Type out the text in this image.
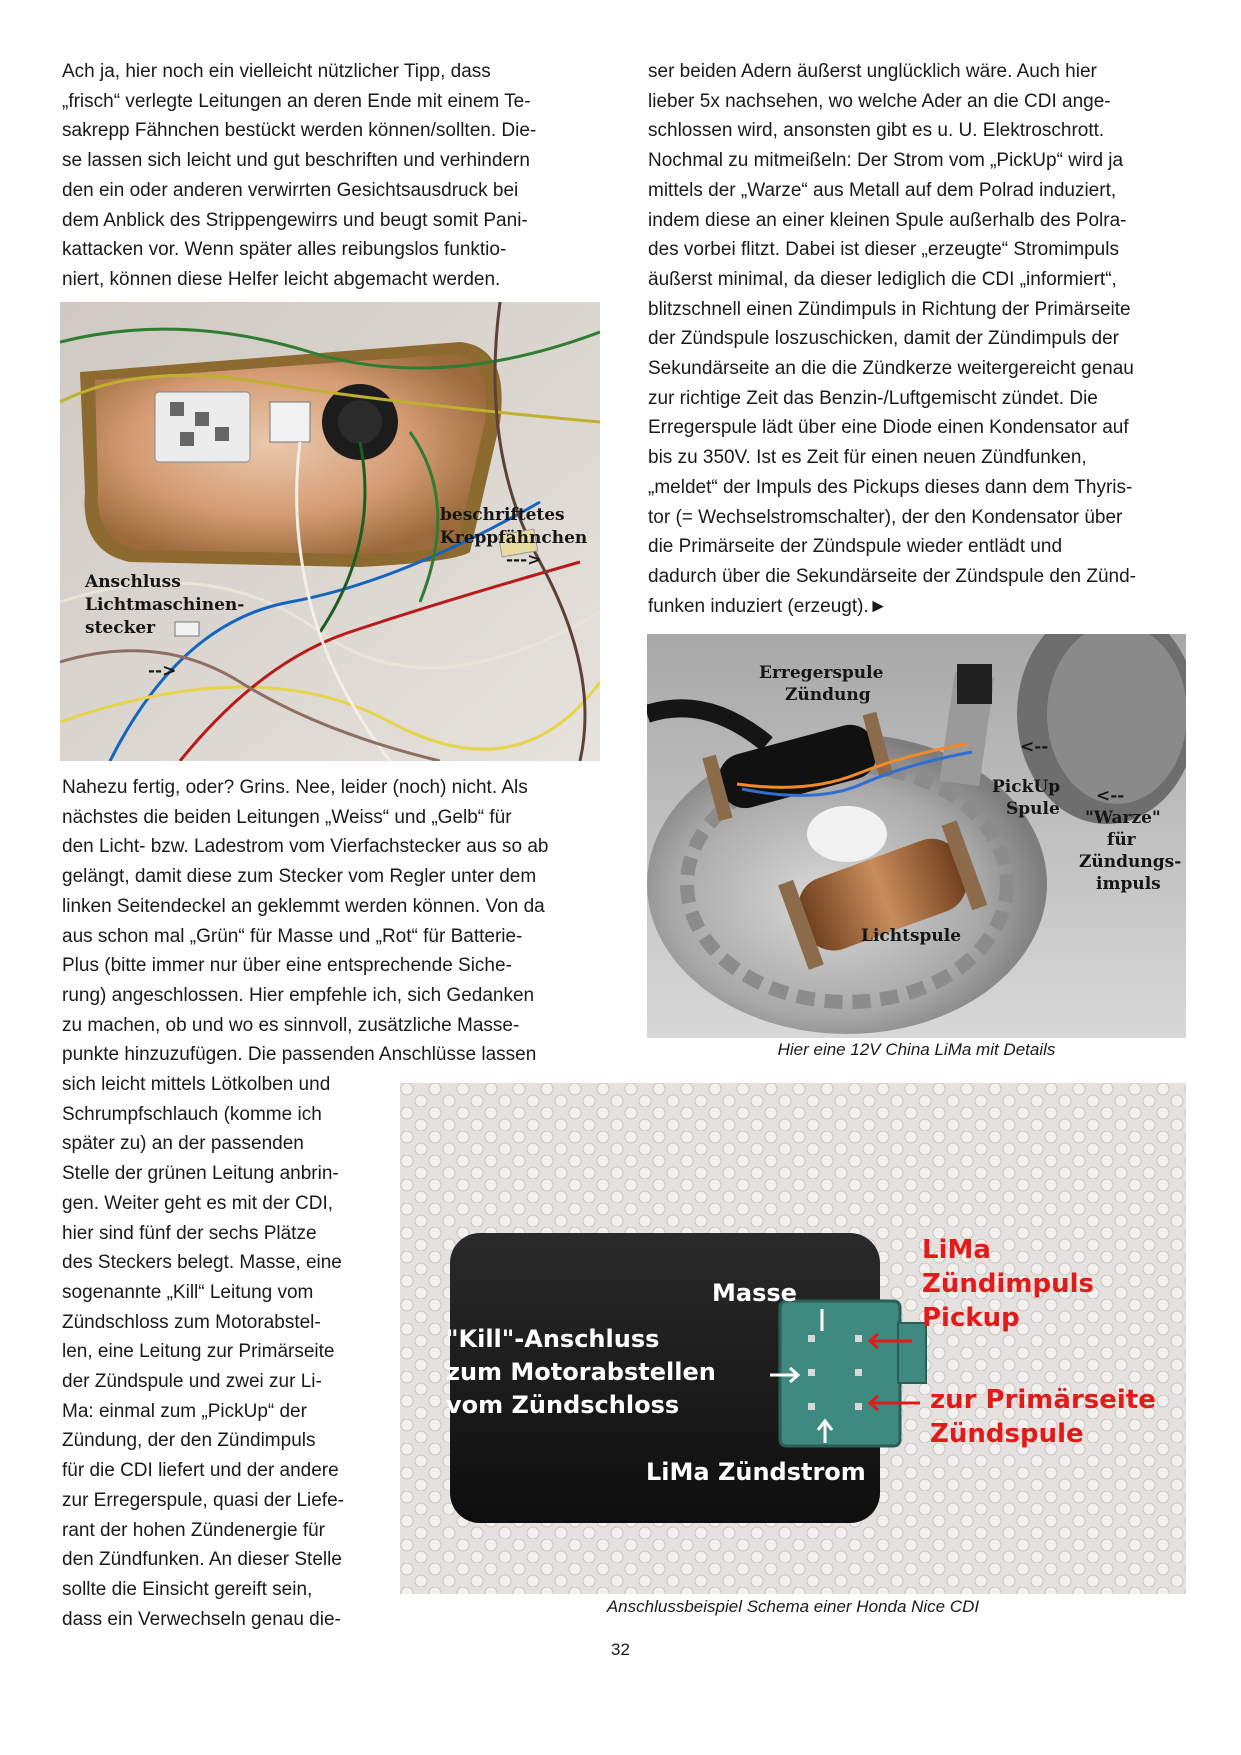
Ach ja, hier noch ein vielleicht nützlicher Tipp, dass
„frisch“ verlegte Leitungen an deren Ende mit einem Te-
sakrepp Fähnchen bestückt werden können/sollten. Die-
se lassen sich leicht und gut beschriften und verhindern
den ein oder anderen verwirrten Gesichtsausdruck bei
dem Anblick des Strippengewirrs und beugt somit Pani-
kattacken vor. Wenn später alles reibungslos funktio-
niert, können diese Helfer leicht abgemacht werden.

beschriftetes
Kreppfähnchen
--->
Anschluss
Lichtmaschinen-
stecker
-->

Nahezu fertig, oder? Grins. Nee, leider (noch) nicht. Als
nächstes die beiden Leitungen „Weiss“ und „Gelb“ für
den Licht- bzw. Ladestrom vom Vierfachstecker aus so ab
gelängt, damit diese zum Stecker vom Regler unter dem
linken Seitendeckel an geklemmt werden können. Von da
aus schon mal „Grün“ für Masse und „Rot“ für Batterie-
Plus (bitte immer nur über eine entsprechende Siche-
rung) angeschlossen. Hier empfehle ich, sich Gedanken
zu machen, ob und wo es sinnvoll, zusätzliche Masse-
punkte hinzuzufügen. Die passenden Anschlüsse lassen

sich leicht mittels Lötkolben und
Schrumpfschlauch (komme ich
später zu) an der passenden
Stelle der grünen Leitung anbrin-
gen. Weiter geht es mit der CDI,
hier sind fünf der sechs Plätze
des Steckers belegt. Masse, eine
sogenannte „Kill“ Leitung vom
Zündschloss zum Motorabstel-
len, eine Leitung zur Primärseite
der Zündspule und zwei zur Li-
Ma: einmal zum „PickUp“ der
Zündung, der den Zündimpuls
für die CDI liefert und der andere
zur Erregerspule, quasi der Liefe-
rant der hohen Zündenergie für
den Zündfunken. An dieser Stelle
sollte die Einsicht gereift sein,
dass ein Verwechseln genau die-

ser beiden Adern äußerst unglücklich wäre. Auch hier
lieber 5x nachsehen, wo welche Ader an die CDI ange-
schlossen wird, ansonsten gibt es u. U. Elektroschrott.
Nochmal zu mitmeißeln: Der Strom vom „PickUp“ wird ja
mittels der „Warze“ aus Metall auf dem Polrad induziert,
indem diese an einer kleinen Spule außerhalb des Polra-
des vorbei flitzt. Dabei ist dieser „erzeugte“ Stromimpuls
äußerst minimal, da dieser lediglich die CDI „informiert“,
blitzschnell einen Zündimpuls in Richtung der Primärseite
der Zündspule loszuschicken, damit der Zündimpuls der
Sekundärseite an die die Zündkerze weitergereicht genau
zur richtige Zeit das Benzin-/Luftgemischt zündet. Die
Erregerspule lädt über eine Diode einen Kondensator auf
bis zu 350V. Ist es Zeit für einen neuen Zündfunken,
„meldet“ der Impuls des Pickups dieses dann dem Thyris-
tor (= Wechselstromschalter), der den Kondensator über
die Primärseite der Zündspule wieder entlädt und
dadurch über die Sekundärseite der Zündspule den Zünd-
funken induziert (erzeugt).►

Erregerspule
Zündung
<--
PickUp
Spule
<--
"Warze"
für
Zündungs-
impuls
Lichtspule
Hier eine 12V China LiMa mit Details
Masse
"Kill"-Anschluss
zum Motorabstellen
vom Zündschloss
LiMa Zündstrom
LiMa
Zündimpuls
Pickup
zur Primärseite
Zündspule
Anschlussbeispiel Schema einer Honda Nice CDI
32
